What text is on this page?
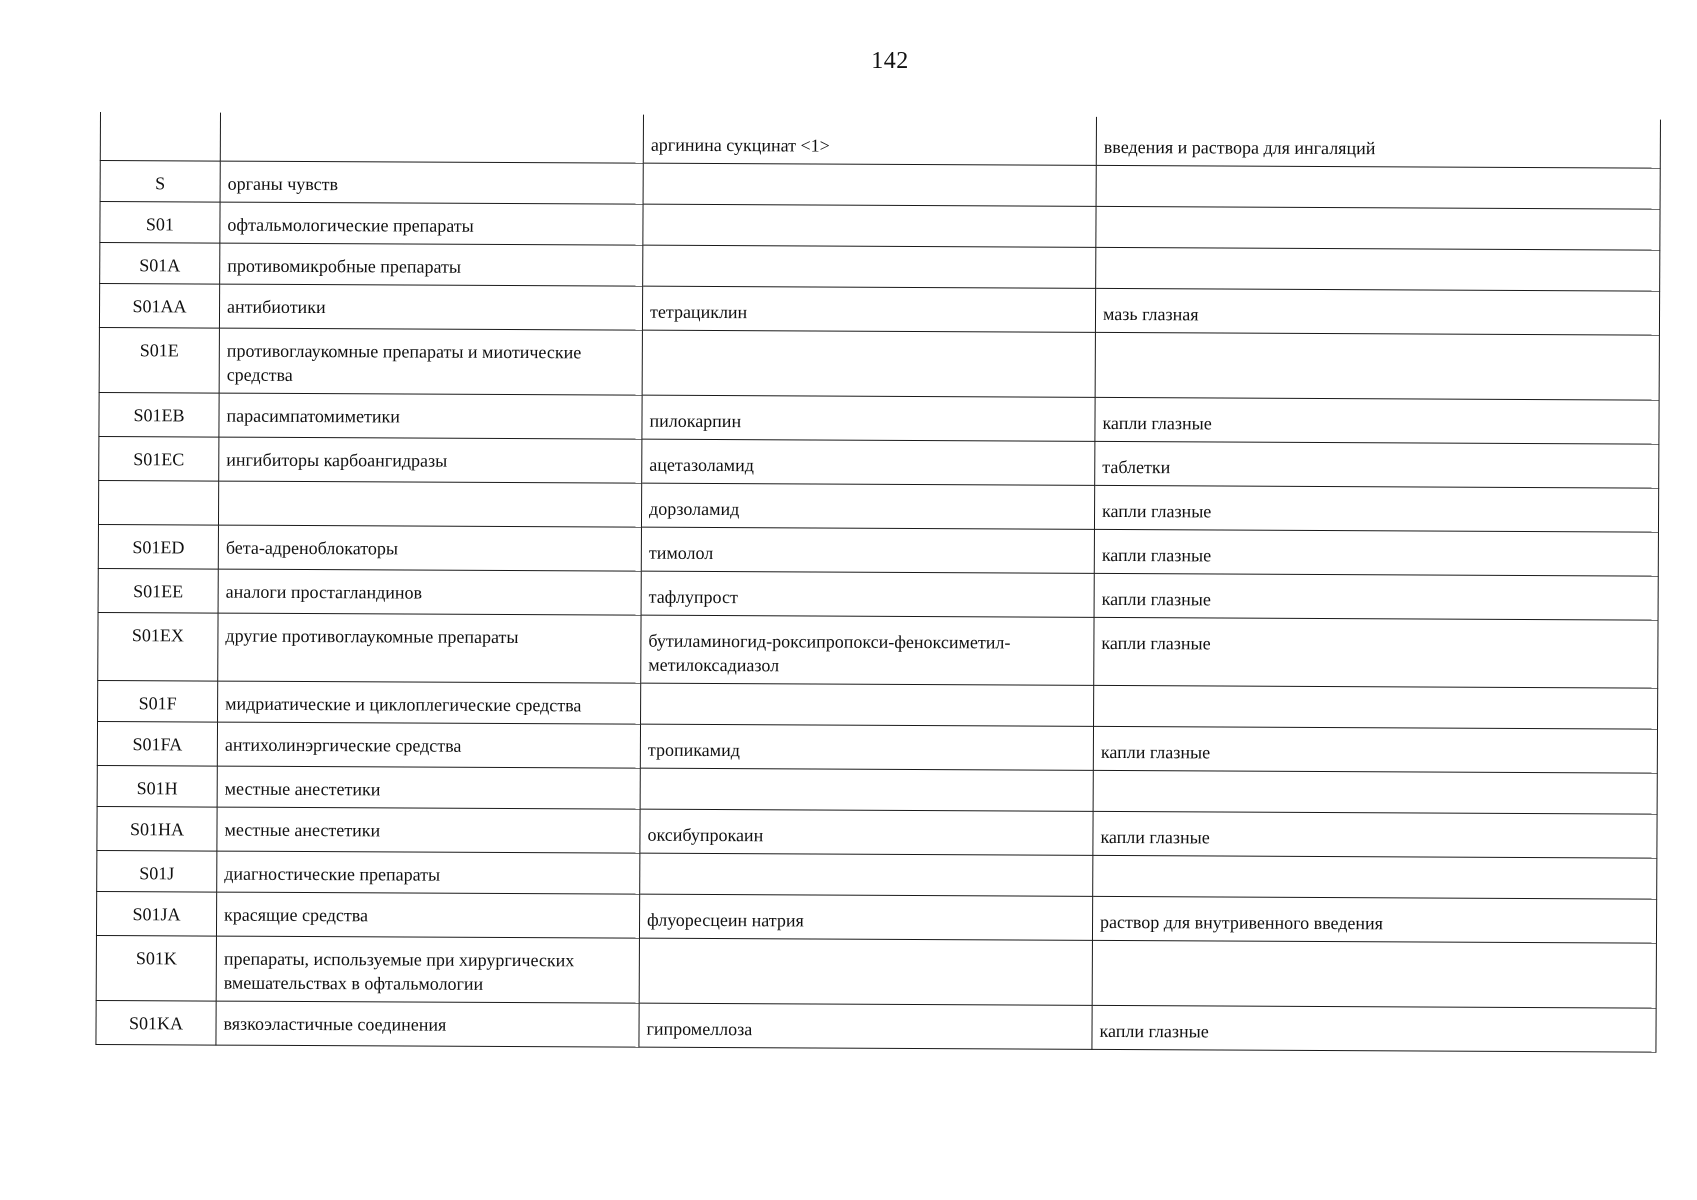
142
		аргинина сукцинат <1>	введения и раствора для ингаляций
S	органы чувств		
S01	офтальмологические препараты		
S01A	противомикробные препараты		
S01AA	антибиотики	тетрациклин	мазь глазная
S01E	противоглаукомные препараты и миотические средства		
S01EB	парасимпатомиметики	пилокарпин	капли глазные
S01EC	ингибиторы карбоангидразы	ацетазоламид	таблетки
		дорзоламид	капли глазные
S01ED	бета-адреноблокаторы	тимолол	капли глазные
S01EE	аналоги простагландинов	тафлупрост	капли глазные
S01EX	другие противоглаукомные препараты	бутиламиногид-роксипропокси-феноксиметил-метилоксадиазол	капли глазные
S01F	мидриатические и циклоплегические средства		
S01FA	антихолинэргические средства	тропикамид	капли глазные
S01H	местные анестетики		
S01HA	местные анестетики	оксибупрокаин	капли глазные
S01J	диагностические препараты		
S01JA	красящие средства	флуоресцеин натрия	раствор для внутривенного введения
S01K	препараты, используемые при хирургических вмешательствах в офтальмологии		
S01KA	вязкоэластичные соединения	гипромеллоза	капли глазные
